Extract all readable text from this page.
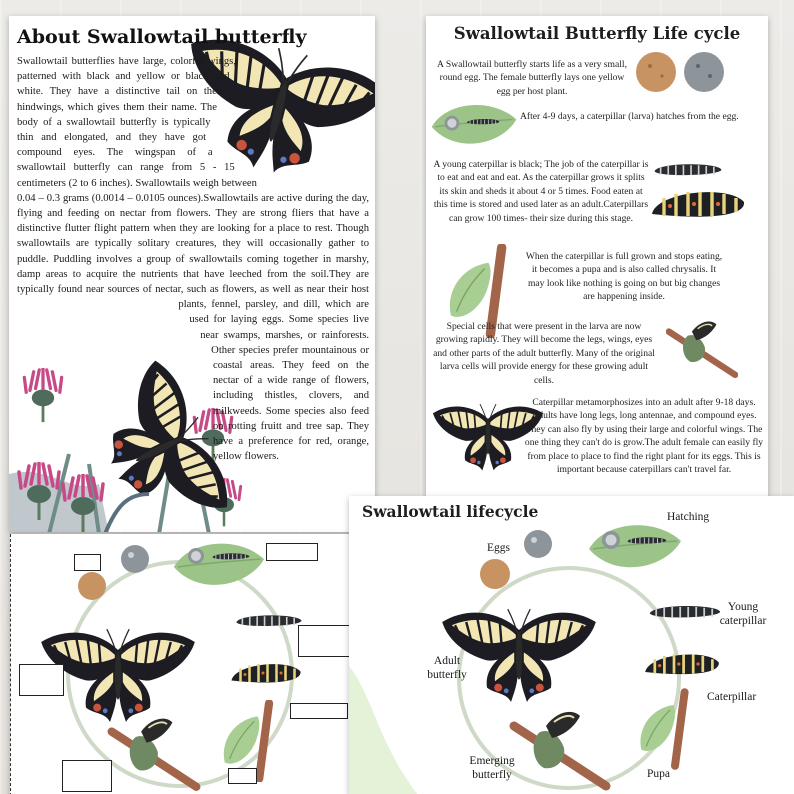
About Swallowtail butterfly
Swallowtail butterflies have large, colorful wings, patterned with black and yellow or black and white. They have a distinctive tail on their hindwings, which gives them their name. The body of a swallowtail butterfly is typically thin and elongated, and they have got compound eyes. The wingspan of a swallowtail butterfly can range from 5 - 15 centimeters (2 to 6 inches). Swallowtails weigh between 0.04 – 0.3 grams (0.0014 – 0.0105 ounces).Swallowtails are active during the day, flying and feeding on nectar from flowers. They are strong fliers that have a distinctive flutter flight pattern when they are looking for a place to rest. Though swallowtails are typically solitary creatures, they will occasionally gather to puddle. Puddling involves a group of swallowtails coming together in marshy, damp areas to acquire the nutrients that have leeched from the soil.They are typically found near sources of nectar, such as flowers, as well as near their host plants, fennel, parsley, and dill, which are used for laying eggs. Some species live near swamps, marshes, or rainforests. Other species prefer mountainous or coastal areas. They feed on the nectar of a wide range of flowers, including thistles, clovers, and milkweeds. Some species also feed on rotting fruitt and tree sap. They have a preference for red, orange, yellow flowers.
Swallowtail Butterfly Life cycle
A Swallowtail butterfly starts life as a very small, round egg. The female butterfly lays one yellow egg per host plant.
After 4-9 days, a caterpillar (larva) hatches from the egg.
A young caterpillar is black; The job of the caterpillar is to eat and eat and eat. As the caterpillar grows it splits its skin and sheds it about 4 or 5 times. Food eaten at this time is stored and used later as an adult.Caterpillars can grow 100 times- their size during this stage.
When the caterpillar is full grown and stops eating, it becomes a pupa and is also called chrysalis. It may look like nothing is going on but big changes are happening inside.
Special cells that were present in the larva are now growing rapidly. They will become the legs, wings, eyes and other parts of the adult butterfly. Many of the original larva cells will provide energy for these growing adult cells.
Caterpillar metamorphosizes into an adult after 9-18 days. Adults have long legs, long antennae, and compound eyes. They can also fly by using their large and colorful wings. The one thing they can't do is grow.The adult female can easily fly from place to place to find the right plant for its eggs. This is important because caterpillars can't travel far.
Swallowtail lifecycle	Hatching
Eggs
Young caterpillar
Adult butterfly
Caterpillar
Emerging butterfly	Pupa
